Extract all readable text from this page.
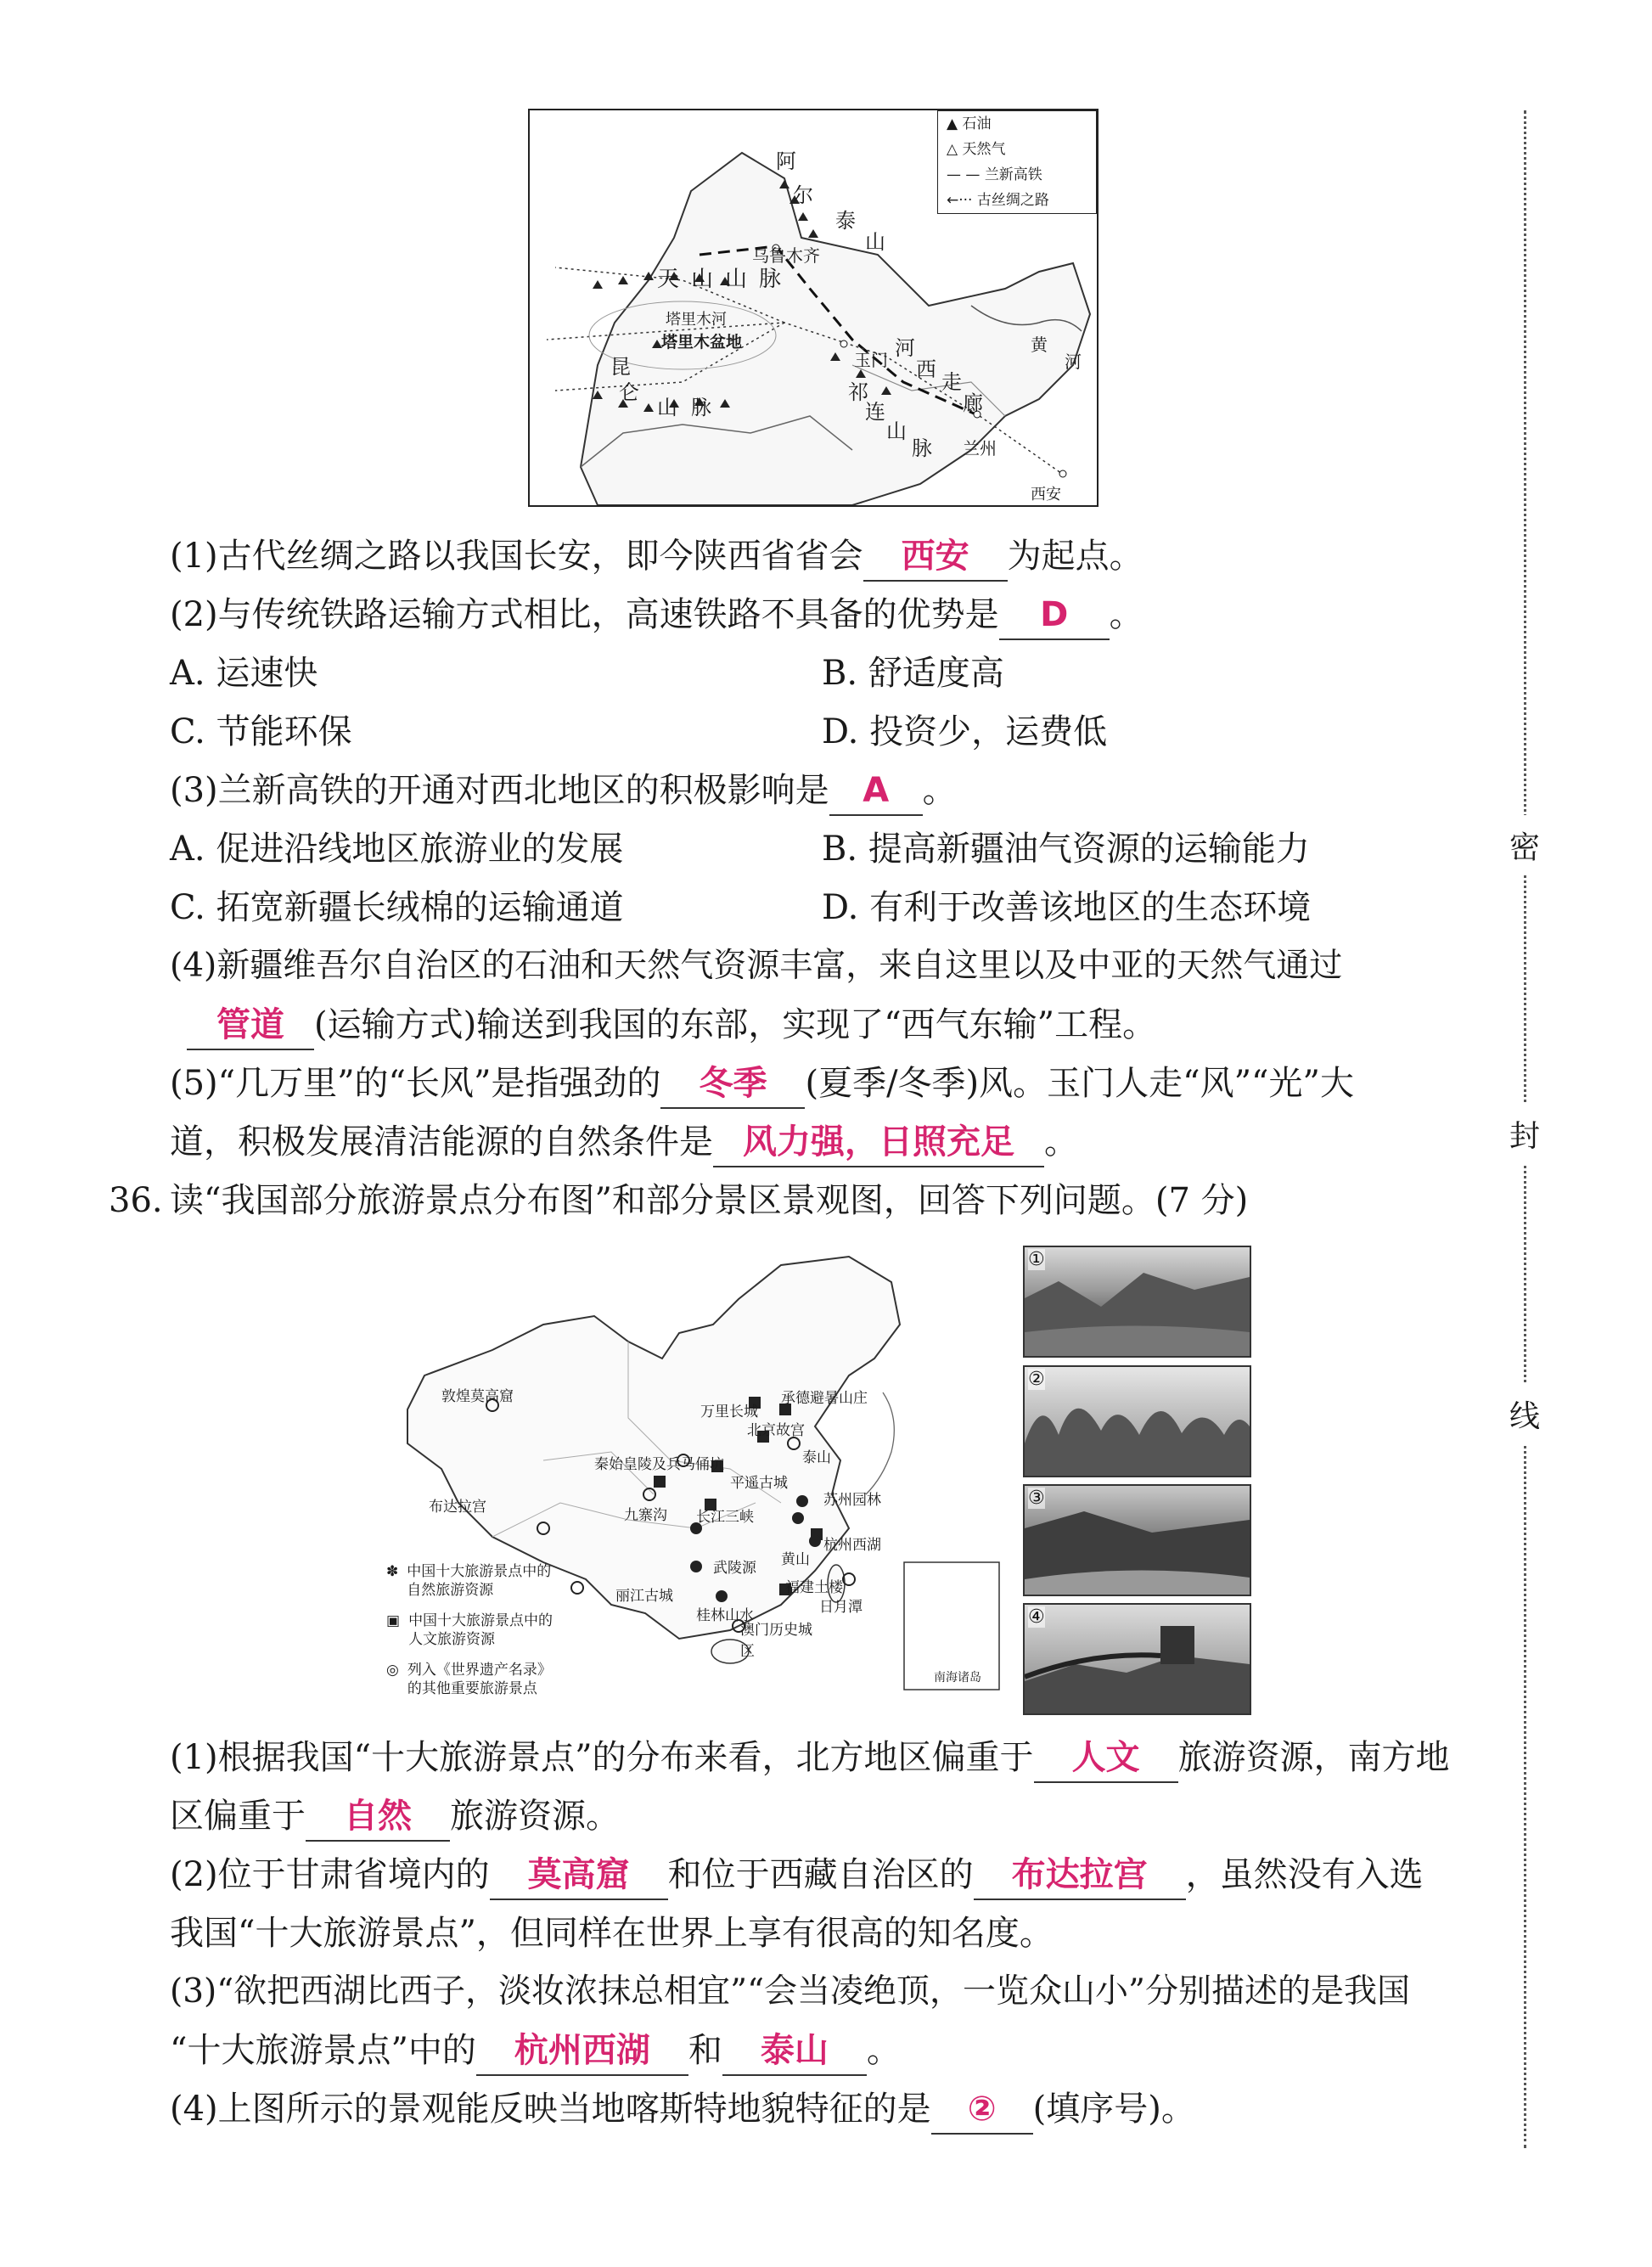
密
封
线
▲ 石油
△ 天然气
— — 兰新高铁
←··· 古丝绸之路
阿
尔
泰
山
乌鲁木齐
天 山 山 脉
塔里木河
塔里木盆地
昆
仑
山 脉
玉门 河
西
走
廊
祁
连
山
脉
黄
河
兰州
西安
(1)古代丝绸之路以我国长安，即今陕西省省会 西安 为起点。
(2)与传统铁路运输方式相比，高速铁路不具备的优势是 D 。
A. 运速快	B. 舒适度高
C. 节能环保	D. 投资少，运费低
(3)兰新高铁的开通对西北地区的积极影响是 A 。
A. 促进沿线地区旅游业的发展	B. 提高新疆油气资源的运输能力
C. 拓宽新疆长绒棉的运输通道	D. 有利于改善该地区的生态环境
(4)新疆维吾尔自治区的石油和天然气资源丰富，来自这里以及中亚的天然气通过
管道 (运输方式)输送到我国的东部，实现了“西气东输”工程。
(5)“几万里”的“长风”是指强劲的 冬季 (夏季/冬季)风。玉门人走“风”“光”大
道，积极发展清洁能源的自然条件是 风力强，日照充足 。
36. 读“我国部分旅游景点分布图”和部分景区景观图，回答下列问题。(7 分)
敦煌莫高窟
万里长城
承德避暑山庄
北京故宫
泰山
秦始皇陵及兵马俑坑
平遥古城
布达拉宫	九寨沟 长江三峡
苏州园林
杭州西湖
黄山
武陵源
福建土楼
丽江古城
桂林山水	日月潭
澳门历史城区
南海诸岛
✽ 中国十大旅游景点中的自然旅游资源
▣ 中国十大旅游景点中的人文旅游资源
◎ 列入《世界遗产名录》的其他重要旅游景点
①
②
③
④
(1)根据我国“十大旅游景点”的分布来看，北方地区偏重于 人文 旅游资源，南方地
区偏重于 自然 旅游资源。
(2)位于甘肃省境内的 莫高窟 和位于西藏自治区的 布达拉宫 ，虽然没有入选
我国“十大旅游景点”，但同样在世界上享有很高的知名度。
(3)“欲把西湖比西子，淡妆浓抹总相宜”“会当凌绝顶，一览众山小”分别描述的是我国
“十大旅游景点”中的 杭州西湖 和 泰山 。
(4)上图所示的景观能反映当地喀斯特地貌特征的是 ② (填序号)。
